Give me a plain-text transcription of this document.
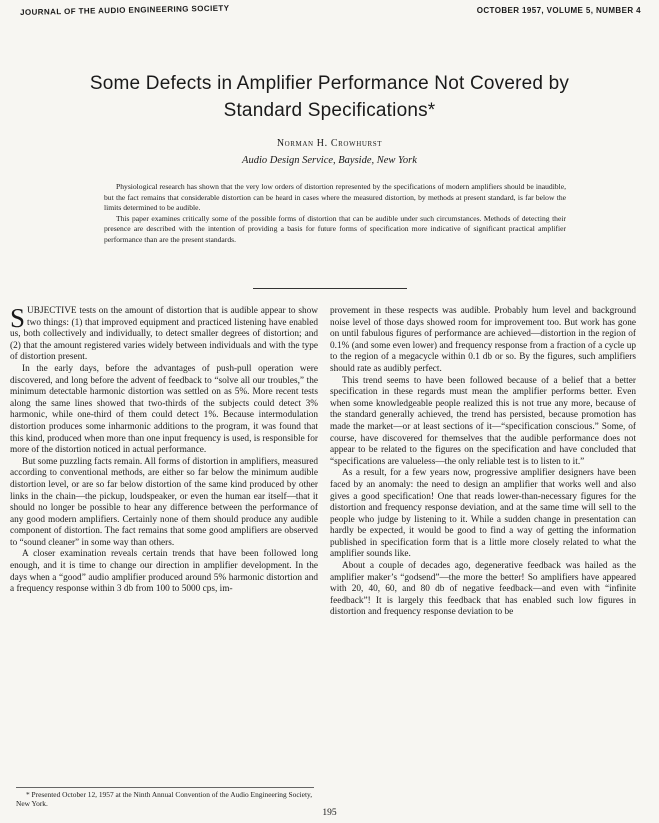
JOURNAL OF THE AUDIO ENGINEERING SOCIETY	OCTOBER 1957, VOLUME 5, NUMBER 4
Some Defects in Amplifier Performance Not Covered by
Standard Specifications*
Norman H. Crowhurst
Audio Design Service, Bayside, New York

Physiological research has shown that the very low orders of distortion represented by the specifications of modern amplifiers should be inaudible, but the fact remains that considerable distortion can be heard in cases where the measured distortion, by methods at present standard, is far below the limits determined to be audible.

This paper examines critically some of the possible forms of distortion that can be audible under such circumstances. Methods of detecting their presence are described with the intention of providing a basis for future forms of specification more indicative of significant practical amplifier performance than are the present standards.

SUBJECTIVE tests on the amount of distortion that is audible appear to show two things: (1) that improved equipment and practiced listening have enabled us, both collectively and individually, to detect smaller degrees of distortion; and (2) that the amount registered varies widely between individuals and with the type of distortion present.

In the early days, before the advantages of push-pull operation were discovered, and long before the advent of feedback to “solve all our troubles,” the minimum detectable harmonic distortion was settled on as 5%. More recent tests along the same lines showed that two-thirds of the subjects could detect 3% harmonic, while one-third of them could detect 1%. Because intermodulation distortion produces some inharmonic additions to the program, it was found that this kind, produced when more than one input frequency is used, is responsible for more of the distortion noticed in actual performance.

But some puzzling facts remain. All forms of distortion in amplifiers, measured according to conventional methods, are either so far below the minimum audible distortion level, or are so far below distortion of the same kind produced by other links in the chain—the pickup, loudspeaker, or even the human ear itself—that it should no longer be possible to hear any difference between the performance of any good modern amplifiers. Certainly none of them should produce any audible component of distortion. The fact remains that some good amplifiers are observed to “sound cleaner” in some way than others.

A closer examination reveals certain trends that have been followed long enough, and it is time to change our direction in amplifier development. In the days when a “good” audio amplifier produced around 5% harmonic distortion and a frequency response within 3 db from 100 to 5000 cps, im-

provement in these respects was audible. Probably hum level and background noise level of those days showed room for improvement too. But work has gone on until fabulous figures of performance are achieved—distortion in the region of 0.1% (and some even lower) and frequency response from a fraction of a cycle up to the region of a megacycle within 0.1 db or so. By the figures, such amplifiers should rate as audibly perfect.

This trend seems to have been followed because of a belief that a better specification in these regards must mean the amplifier performs better. Even when some knowledgeable people realized this is not true any more, because of the standard generally achieved, the trend has persisted, because promotion has made the market—or at least sections of it—“specification conscious.” Some, of course, have discovered for themselves that the audible performance does not appear to be related to the figures on the specification and have concluded that “specifications are valueless—the only reliable test is to listen to it.”

As a result, for a few years now, progressive amplifier designers have been faced by an anomaly: the need to design an amplifier that works well and also gives a good specification! One that reads lower-than-necessary figures for the distortion and frequency response deviation, and at the same time will sell to the people who judge by listening to it. While a sudden change in presentation can hardly be expected, it would be good to find a way of getting the information published in specification form that is a little more closely related to what the amplifier sounds like.

About a couple of decades ago, degenerative feedback was hailed as the amplifier maker’s “godsend”—the more the better! So amplifiers have appeared with 20, 40, 60, and 80 db of negative feedback—and even with “infinite feedback”! It is largely this feedback that has enabled such low figures in distortion and frequency response deviation to be

* Presented October 12, 1957 at the Ninth Annual Convention of the Audio Engineering Society, New York.

195
